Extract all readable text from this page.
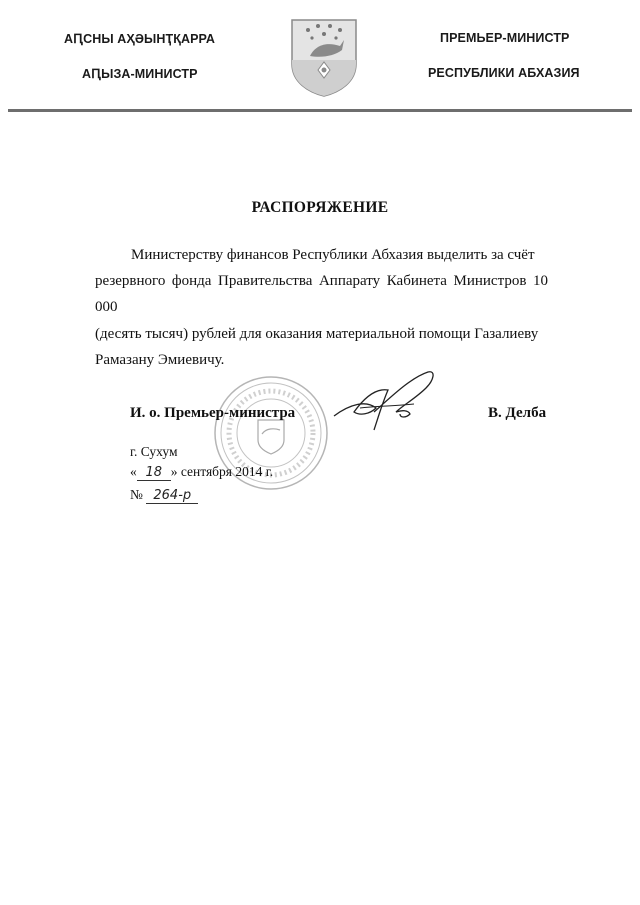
АԤСНЫ АҲӘЫНҬҚАРРА
АԤЫЗА-МИНИСТР
ПРЕМЬЕР-МИНИСТР
РЕСПУБЛИКИ АБХАЗИЯ
РАСПОРЯЖЕНИЕ
Министерству финансов Республики Абхазия выделить за счёт
резервного фонда Правительства Аппарату Кабинета Министров 10 000
(десять тысяч) рублей для оказания материальной помощи Газалиеву
Рамазану Эмиевичу.
И. о. Премьер-министра	В. Делба
г. Сухум
« 18 » сентября 2014 г.
№ 264-р
